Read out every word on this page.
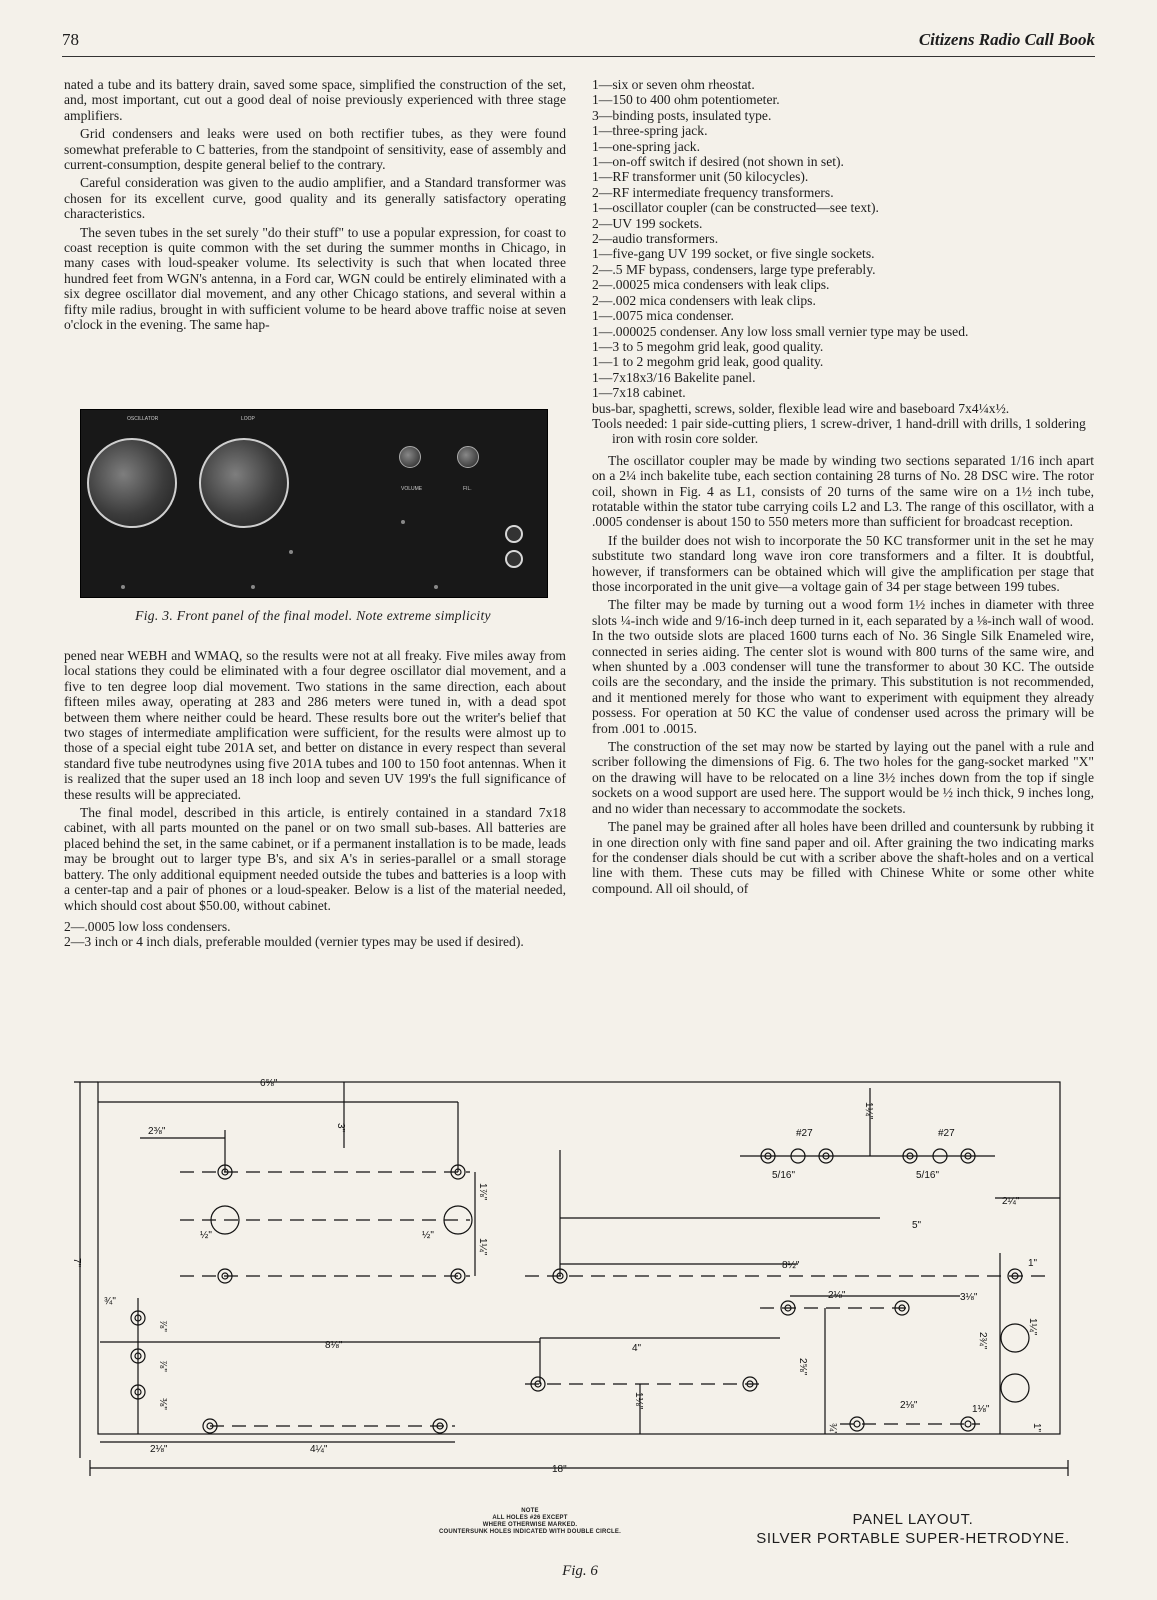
78	Citizens Radio Call Book

nated a tube and its battery drain, saved some space, simplified the construction of the set, and, most important, cut out a good deal of noise previously experienced with three stage amplifiers.

Grid condensers and leaks were used on both rectifier tubes, as they were found somewhat preferable to C batteries, from the standpoint of sensitivity, ease of assembly and current-consumption, despite general belief to the contrary.

Careful consideration was given to the audio amplifier, and a Standard transformer was chosen for its excellent curve, good quality and its generally satisfactory operating characteristics.

The seven tubes in the set surely "do their stuff" to use a popular expression, for coast to coast reception is quite common with the set during the summer months in Chicago, in many cases with loud-speaker volume. Its selectivity is such that when located three hundred feet from WGN's antenna, in a Ford car, WGN could be entirely eliminated with a six degree oscillator dial movement, and any other Chicago stations, and several within a fifty mile radius, brought in with sufficient volume to be heard above traffic noise at seven o'clock in the evening. The same hap-

OSCILLATOR	LOOP
VOLUME	FIL.
Fig. 3. Front panel of the final model. Note extreme simplicity

pened near WEBH and WMAQ, so the results were not at all freaky. Five miles away from local stations they could be eliminated with a four degree oscillator dial movement, and a five to ten degree loop dial movement. Two stations in the same direction, each about fifteen miles away, operating at 283 and 286 meters were tuned in, with a dead spot between them where neither could be heard. These results bore out the writer's belief that two stages of intermediate amplification were sufficient, for the results were almost up to those of a special eight tube 201A set, and better on distance in every respect than several standard five tube neutrodynes using five 201A tubes and 100 to 150 foot antennas. When it is realized that the super used an 18 inch loop and seven UV 199's the full significance of these results will be appreciated.

The final model, described in this article, is entirely contained in a standard 7x18 cabinet, with all parts mounted on the panel or on two small sub-bases. All batteries are placed behind the set, in the same cabinet, or if a permanent installation is to be made, leads may be brought out to larger type B's, and six A's in series-parallel or a small storage battery. The only additional equipment needed outside the tubes and batteries is a loop with a center-tap and a pair of phones or a loud-speaker. Below is a list of the material needed, which should cost about $50.00, without cabinet.

2—.0005 low loss condensers.
2—3 inch or 4 inch dials, preferable moulded (vernier types may be used if desired).
1—six or seven ohm rheostat.
1—150 to 400 ohm potentiometer.
3—binding posts, insulated type.
1—three-spring jack.
1—one-spring jack.
1—on-off switch if desired (not shown in set).
1—RF transformer unit (50 kilocycles).
2—RF intermediate frequency transformers.
1—oscillator coupler (can be constructed—see text).
2—UV 199 sockets.
2—audio transformers.
1—five-gang UV 199 socket, or five single sockets.
2—.5 MF bypass, condensers, large type preferably.
2—.00025 mica condensers with leak clips.
2—.002 mica condensers with leak clips.
1—.0075 mica condenser.
1—.000025 condenser. Any low loss small vernier type may be used.
1—3 to 5 megohm grid leak, good quality.
1—1 to 2 megohm grid leak, good quality.
1—7x18x3/16 Bakelite panel.
1—7x18 cabinet.
bus-bar, spaghetti, screws, solder, flexible lead wire and baseboard 7x4¼x½.
Tools needed: 1 pair side-cutting pliers, 1 screw-driver, 1 hand-drill with drills, 1 soldering iron with rosin core solder.

The oscillator coupler may be made by winding two sections separated 1/16 inch apart on a 2¼ inch bakelite tube, each section containing 28 turns of No. 28 DSC wire. The rotor coil, shown in Fig. 4 as L1, consists of 20 turns of the same wire on a 1½ inch tube, rotatable within the stator tube carrying coils L2 and L3. The range of this oscillator, with a .0005 condenser is about 150 to 550 meters more than sufficient for broadcast reception.

If the builder does not wish to incorporate the 50 KC transformer unit in the set he may substitute two standard long wave iron core transformers and a filter. It is doubtful, however, if transformers can be obtained which will give the amplification per stage that those incorporated in the unit give—a voltage gain of 34 per stage between 199 tubes.

The filter may be made by turning out a wood form 1½ inches in diameter with three slots ¼-inch wide and 9/16-inch deep turned in it, each separated by a ⅛-inch wall of wood. In the two outside slots are placed 1600 turns each of No. 36 Single Silk Enameled wire, connected in series aiding. The center slot is wound with 800 turns of the same wire, and when shunted by a .003 condenser will tune the transformer to about 30 KC. The outside coils are the secondary, and the inside the primary. This substitution is not recommended, and it mentioned merely for those who want to experiment with equipment they already possess. For operation at 50 KC the value of condenser used across the primary will be from .001 to .0015.

The construction of the set may now be started by laying out the panel with a rule and scriber following the dimensions of Fig. 6. The two holes for the gang-socket marked "X" on the drawing will have to be relocated on a line 3½ inches down from the top if single sockets on a wood support are used here. The support would be ½ inch thick, 9 inches long, and no wider than necessary to accommodate the sockets.

The panel may be grained after all holes have been drilled and countersunk by rubbing it in one direction only with fine sand paper and oil. After graining the two indicating marks for the condenser dials should be cut with a scriber above the shaft-holes and on a vertical line with them. These cuts may be filled with Chinese White or some other white compound. All oil should, of

6⅝"
3"
2⅜"
1⅞"
1¼"
½"	½"
1¼"
#27	#27
5/16"	5/16"
2¼"
5"
8½"	1"
2⅛"	3⅛"
¾"
8⅛"	4"
2⅝"
2⅛"	1⅛"
1"
⅞"
⅞"
⅜"	1⅛"
2¾"
1¼"
¾"
2⅛"	4¼"
18"
7"
NOTE
ALL HOLES #26 EXCEPT
WHERE OTHERWISE MARKED.
COUNTERSUNK HOLES INDICATED WITH DOUBLE CIRCLE.
PANEL LAYOUT.
SILVER PORTABLE SUPER-HETRODYNE.
Fig. 6
